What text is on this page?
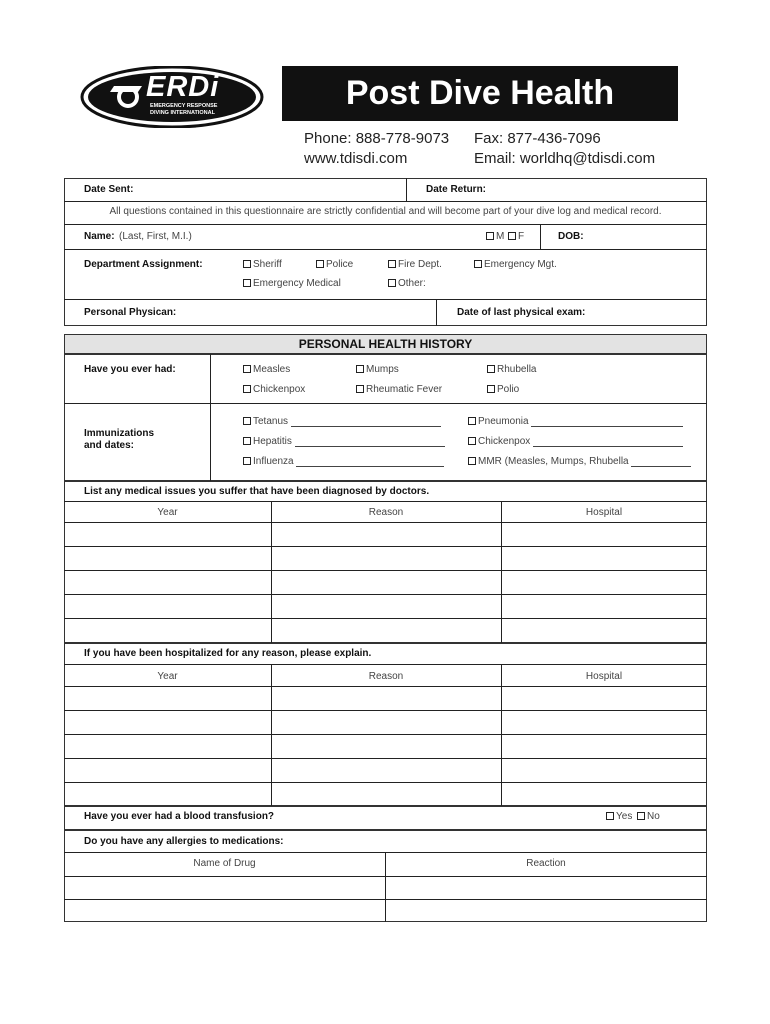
ERDi
EMERGENCY RESPONSE
DIVING INTERNATIONAL
Post Dive Health
Phone: 888-778-9073 Fax: 877-436-7096
www.tdisdi.com	Email: worldhq@tdisdi.com
Date Sent:	Date Return:
All questions contained in this questionnaire are strictly confidential and will become part of your dive log and medical record.
Name: (Last, First, M.I.)	M	F	DOB:
Department Assignment:	Sheriff	Police	Fire Dept.	Emergency Mgt.
Emergency Medical	Other:
Personal Physican:	Date of last physical exam:
PERSONAL HEALTH HISTORY
Have you ever had:	Measles	Mumps	Rhubella
Chickenpox	Rheumatic Fever	Polio
Immunizations
and dates:
Tetanus	Pneumonia
Hepatitis	Chickenpox
Influenza	MMR (Measles, Mumps, Rhubella
List any medical issues you suffer that have been diagnosed by doctors.
Year	Reason	Hospital
If you have been hospitalized for any reason, please explain.
Year	Reason	Hospital
Have you ever had a blood transfusion?	Yes	No
Do you have any allergies to medications:
Name of Drug	Reaction
